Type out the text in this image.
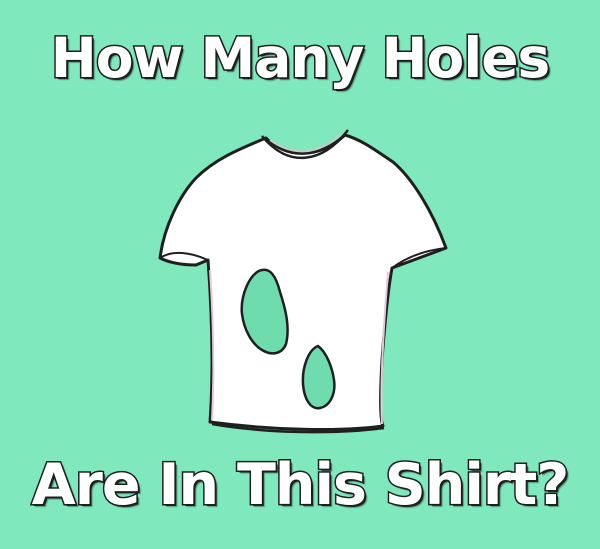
How Many Holes
Are In This Shirt?
